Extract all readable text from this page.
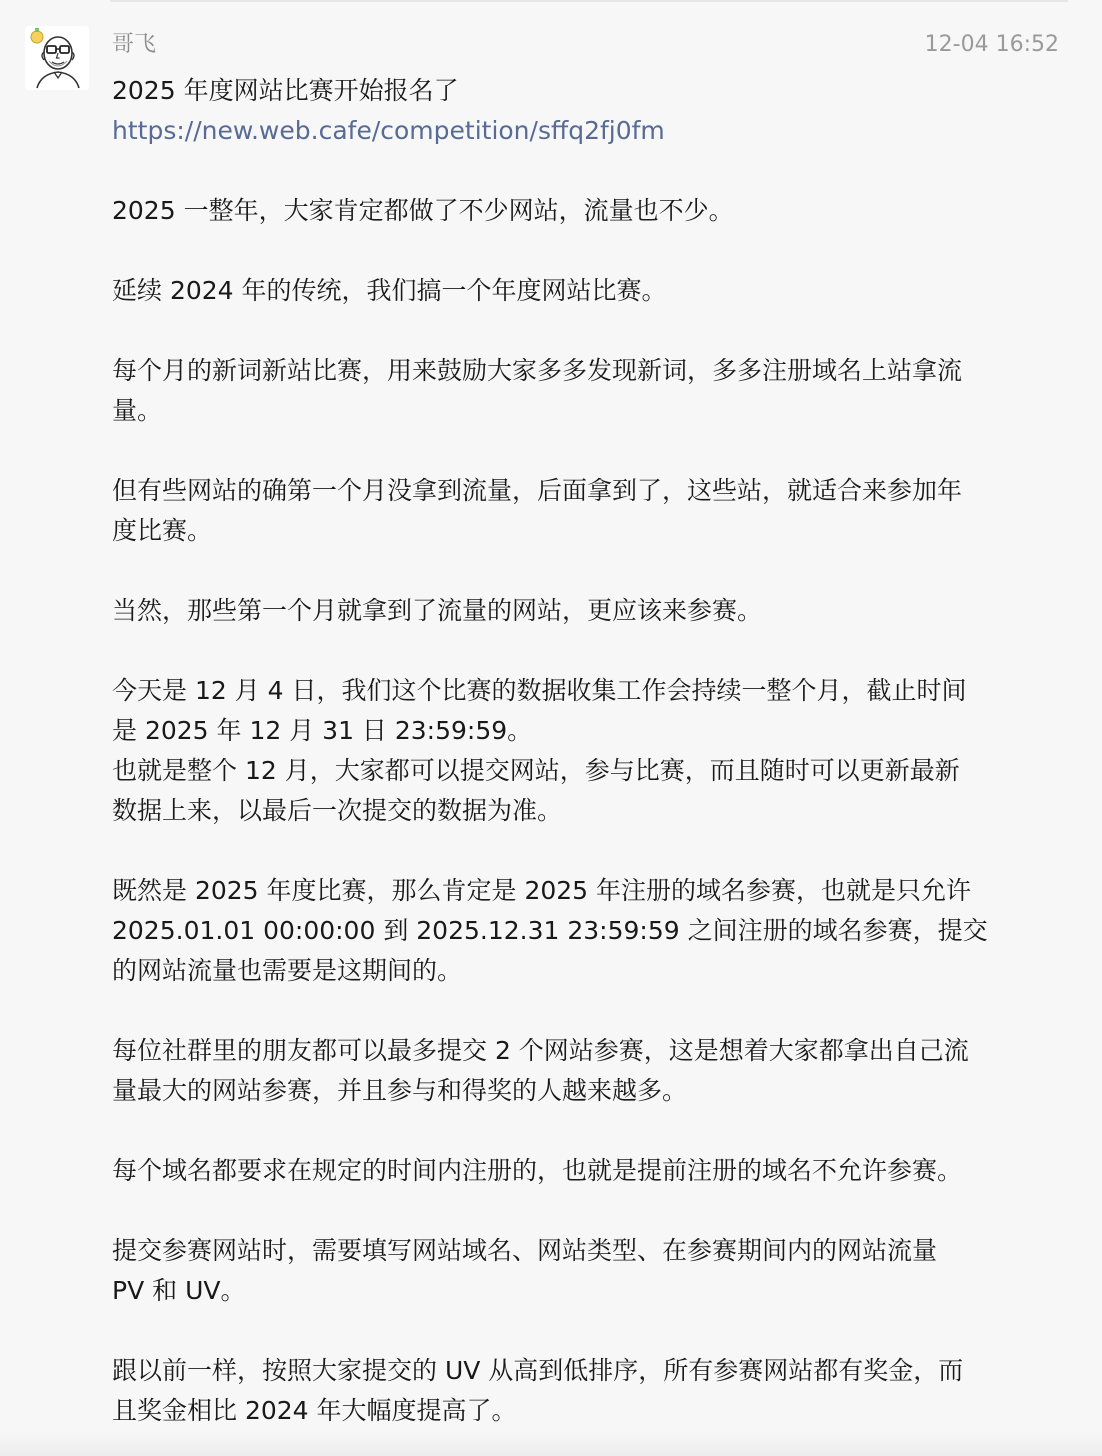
哥飞	12-04 16:52

2025 年度网站比赛开始报名了

https://new.web.cafe/competition/sffq2fj0fm

2025 一整年，大家肯定都做了不少网站，流量也不少。

延续 2024 年的传统，我们搞一个年度网站比赛。

每个月的新词新站比赛，用来鼓励大家多多发现新词，多多注册域名上站拿流

量。

但有些网站的确第一个月没拿到流量，后面拿到了，这些站，就适合来参加年

度比赛。

当然，那些第一个月就拿到了流量的网站，更应该来参赛。

今天是 12 月 4 日，我们这个比赛的数据收集工作会持续一整个月，截止时间

是 2025 年 12 月 31 日 23:59:59。

也就是整个 12 月，大家都可以提交网站，参与比赛，而且随时可以更新最新

数据上来，以最后一次提交的数据为准。

既然是 2025 年度比赛，那么肯定是 2025 年注册的域名参赛，也就是只允许

2025.01.01 00:00:00 到 2025.12.31 23:59:59 之间注册的域名参赛，提交

的网站流量也需要是这期间的。

每位社群里的朋友都可以最多提交 2 个网站参赛，这是想着大家都拿出自己流

量最大的网站参赛，并且参与和得奖的人越来越多。

每个域名都要求在规定的时间内注册的，也就是提前注册的域名不允许参赛。

提交参赛网站时，需要填写网站域名、网站类型、在参赛期间内的网站流量

PV 和 UV。

跟以前一样，按照大家提交的 UV 从高到低排序，所有参赛网站都有奖金，而

且奖金相比 2024 年大幅度提高了。
